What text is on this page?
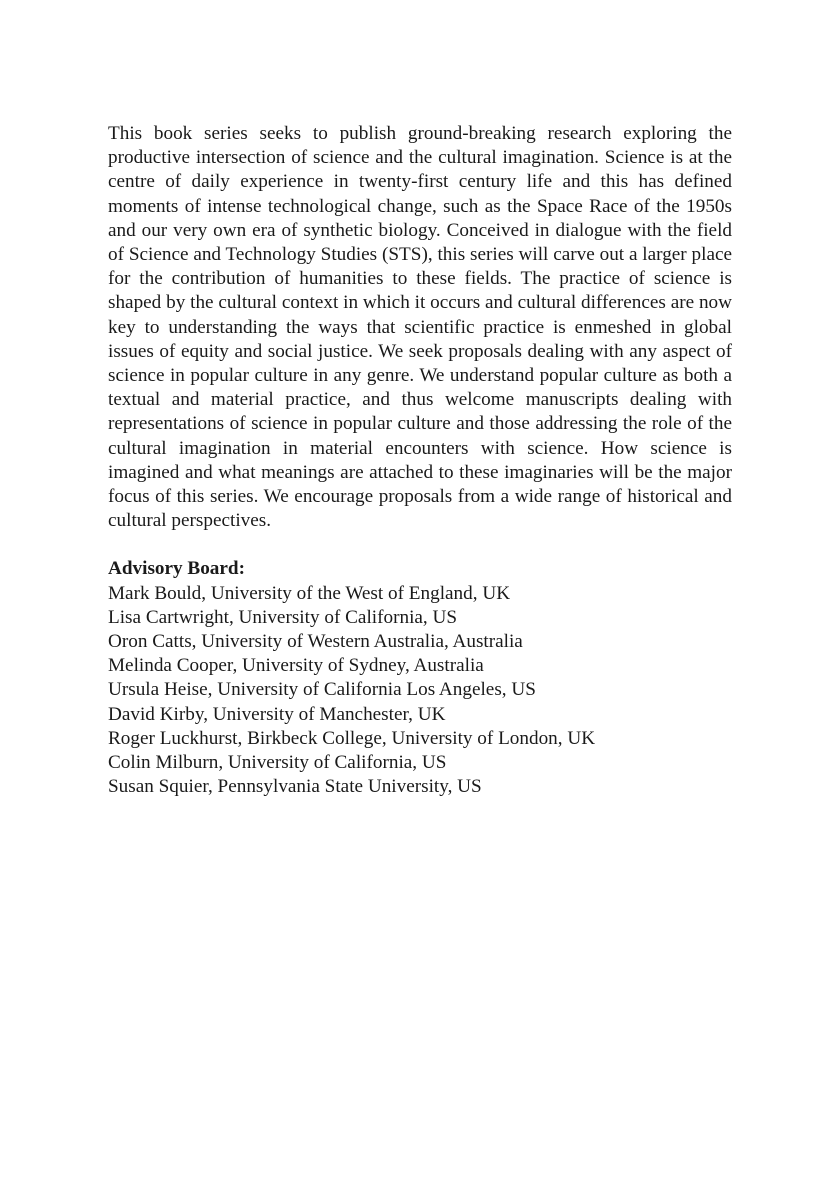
This book series seeks to publish ground-breaking research exploring the productive intersection of science and the cultural imagination. Science is at the centre of daily experience in twenty-first century life and this has defined moments of intense technological change, such as the Space Race of the 1950s and our very own era of synthetic biology. Conceived in dialogue with the field of Science and Technology Studies (STS), this series will carve out a larger place for the contribution of humanities to these fields. The practice of science is shaped by the cultural context in which it occurs and cultural differences are now key to understanding the ways that scientific practice is enmeshed in global issues of equity and social justice. We seek proposals dealing with any aspect of science in popular culture in any genre. We understand popular culture as both a textual and material practice, and thus welcome manuscripts dealing with representations of science in popular culture and those addressing the role of the cultural imagination in material encounters with science. How science is imagined and what meanings are attached to these imaginaries will be the major focus of this series. We encourage proposals from a wide range of historical and cultural perspectives.

Advisory Board:

Mark Bould, University of the West of England, UK
Lisa Cartwright, University of California, US
Oron Catts, University of Western Australia, Australia
Melinda Cooper, University of Sydney, Australia
Ursula Heise, University of California Los Angeles, US
David Kirby, University of Manchester, UK
Roger Luckhurst, Birkbeck College, University of London, UK
Colin Milburn, University of California, US
Susan Squier, Pennsylvania State University, US
